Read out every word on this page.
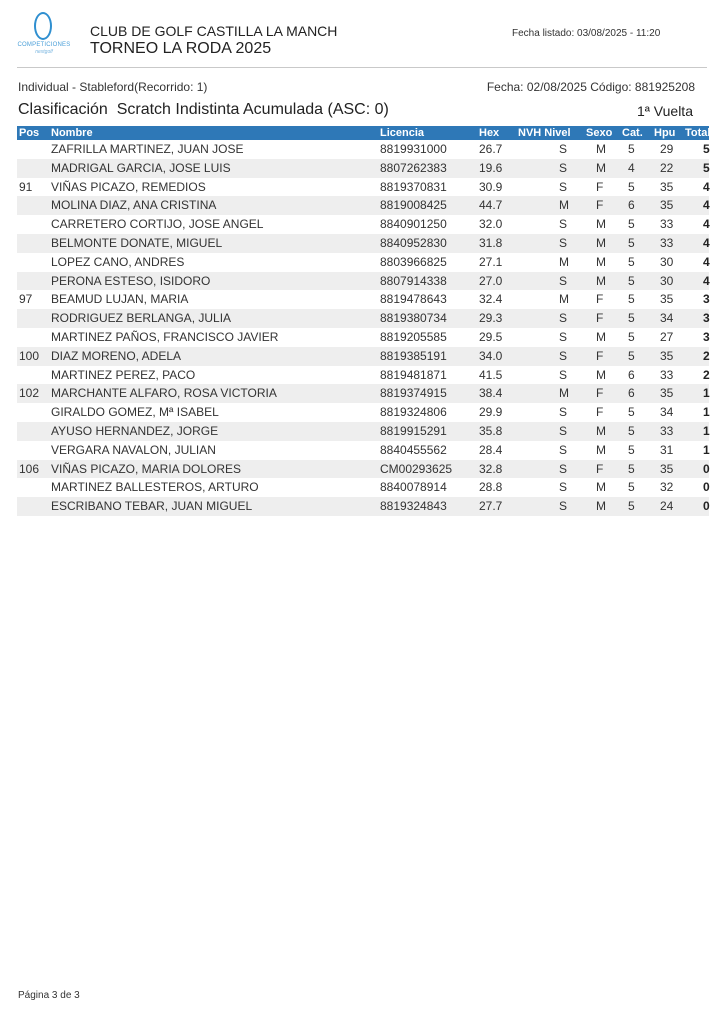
COMPETICIONES
nextgolf
CLUB DE GOLF CASTILLA LA MANCH
TORNEO LA RODA 2025
Fecha listado: 03/08/2025 - 11:20
Individual - Stableford(Recorrido: 1)	Fecha: 02/08/2025 Código: 881925208
Clasificación  Scratch Indistinta Acumulada (ASC: 0)	1ª Vuelta
Pos Nombre	Licencia	Hex NVH Nivel Sexo Cat. Hpu Total
ZAFRILLA MARTINEZ, JUAN JOSE	8819931000	26.7	S M 5 29 5
MADRIGAL GARCIA, JOSE LUIS	8807262383	19.6	S M 4 22 5
91 VIÑAS PICAZO, REMEDIOS	8819370831	30.9	S F 5 35 4
MOLINA DIAZ, ANA CRISTINA	8819008425	44.7	M F 6 35 4
CARRETERO CORTIJO, JOSE ANGEL	8840901250	32.0	S M 5 33 4
BELMONTE DONATE, MIGUEL	8840952830	31.8	S M 5 33 4
LOPEZ CANO, ANDRES	8803966825	27.1	M M 5 30 4
PERONA ESTESO, ISIDORO	8807914338	27.0	S M 5 30 4
97 BEAMUD LUJAN, MARIA	8819478643	32.4	M F 5 35 3
RODRIGUEZ BERLANGA, JULIA	8819380734	29.3	S F 5 34 3
MARTINEZ PAÑOS, FRANCISCO JAVIER	8819205585	29.5	S M 5 27 3
100 DIAZ MORENO, ADELA	8819385191	34.0	S F 5 35 2
MARTINEZ PEREZ, PACO	8819481871	41.5	S M 6 33 2
102 MARCHANTE ALFARO, ROSA VICTORIA	8819374915	38.4	M F 6 35 1
GIRALDO GOMEZ, Mª ISABEL	8819324806	29.9	S F 5 34 1
AYUSO HERNANDEZ, JORGE	8819915291	35.8	S M 5 33 1
VERGARA NAVALON, JULIAN	8840455562	28.4	S M 5 31 1
106 VIÑAS PICAZO, MARIA DOLORES	CM00293625 32.8	S F 5 35 0
MARTINEZ BALLESTEROS, ARTURO	8840078914	28.8	S M 5 32 0
ESCRIBANO TEBAR, JUAN MIGUEL	8819324843	27.7	S M 5 24 0
Página 3 de 3
